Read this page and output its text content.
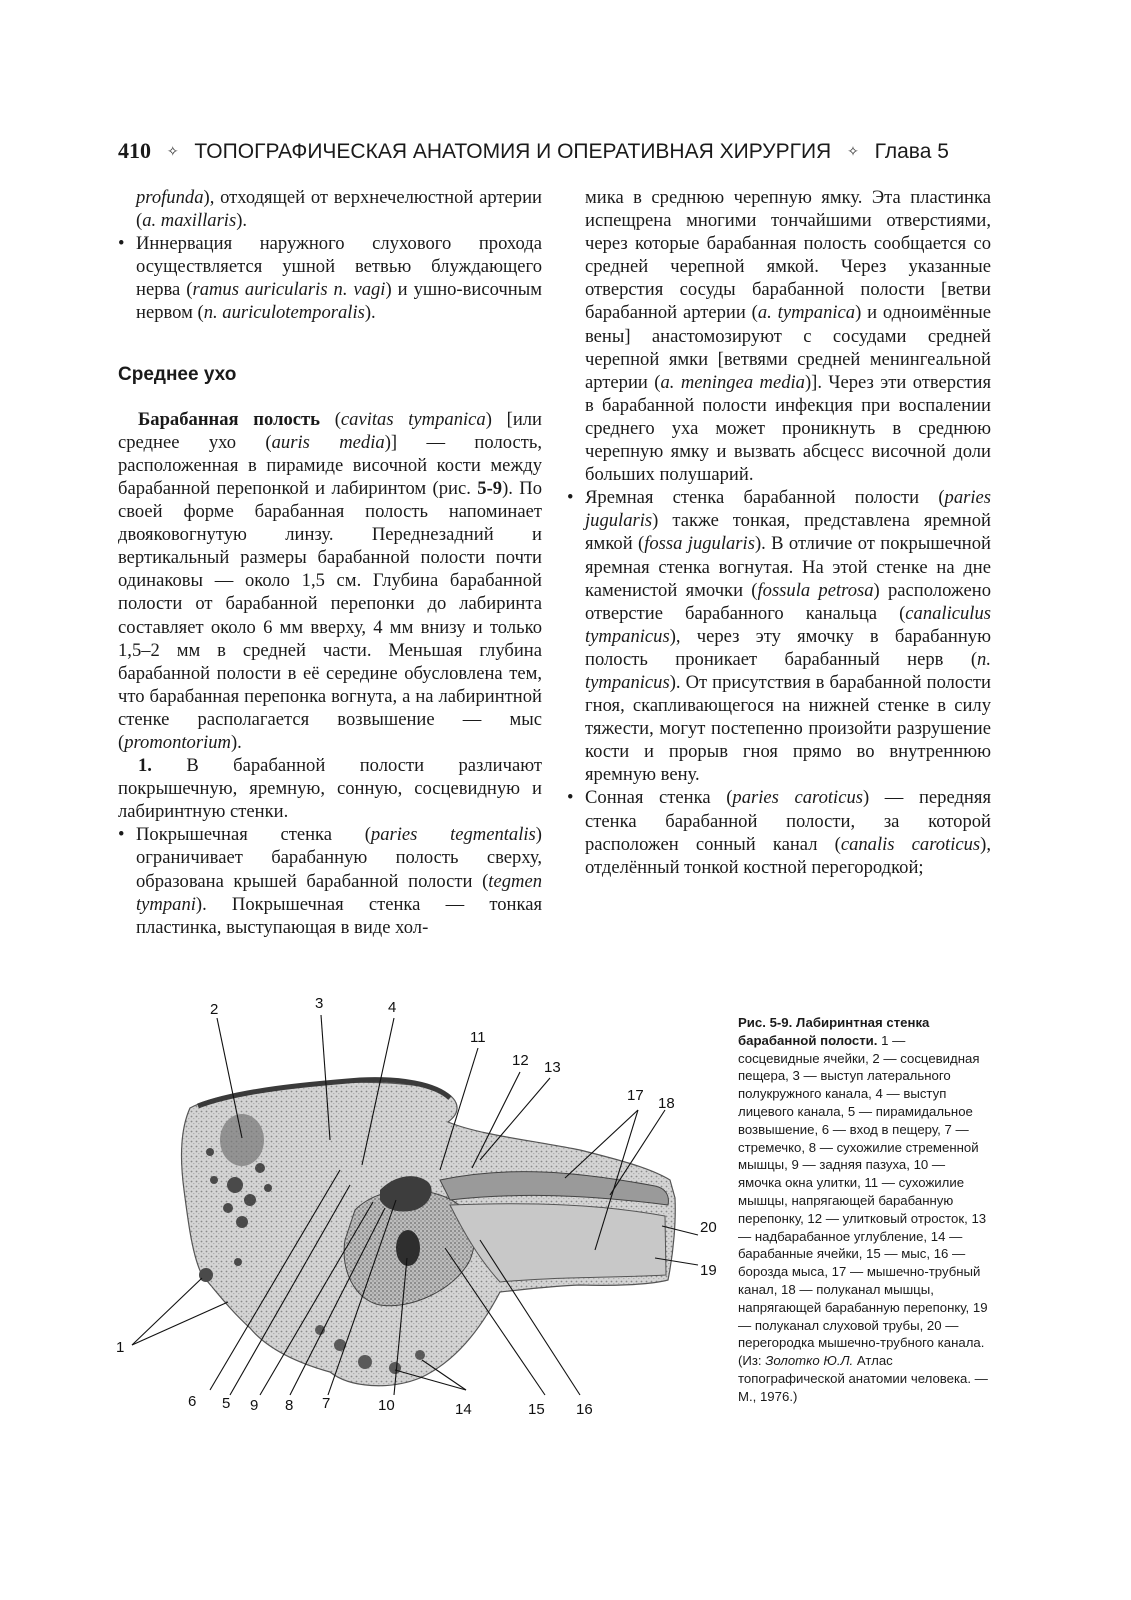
410 ✧ ТОПОГРАФИЧЕСКАЯ АНАТОМИЯ И ОПЕРАТИВНАЯ ХИРУРГИЯ ✧ Глава 5

profunda), отходящей от верхнечелюстной артерии (a. maxillaris).

• Иннервация наружного слухового прохода осуществляется ушной ветвью блуждающего нерва (ramus auricularis n. vagi) и ушно-височным нервом (n. auriculotemporalis).

Среднее ухо

Барабанная полость (cavitas tympanica) [или среднее ухо (auris media)] — полость, расположенная в пирамиде височной кости между барабанной перепонкой и лабиринтом (рис. 5-9). По своей форме барабанная полость напоминает двояковогнутую линзу. Переднезадний и вертикальный размеры барабанной полости почти одинаковы — около 1,5 см. Глубина барабанной полости от барабанной перепонки до лабиринта составляет около 6 мм вверху, 4 мм внизу и только 1,5–2 мм в средней части. Меньшая глубина барабанной полости в её середине обусловлена тем, что барабанная перепонка вогнута, а на лабиринтной стенке располагается возвышение — мыс (promontorium).

1. В барабанной полости различают покрышечную, яремную, сонную, сосцевидную и лабиринтную стенки.

• Покрышечная стенка (paries tegmentalis) ограничивает барабанную полость сверху, образована крышей барабанной полости (tegmen tympani). Покрышечная стенка — тонкая пластинка, выступающая в виде хол-

мика в среднюю черепную ямку. Эта пластинка испещрена многими тончайшими отверстиями, через которые барабанная полость сообщается со средней черепной ямкой. Через указанные отверстия сосуды барабанной полости [ветви барабанной артерии (a. tympanica) и одноимённые вены] анастомозируют с сосудами средней черепной ямки [ветвями средней менингеальной артерии (a. meningea media)]. Через эти отверстия в барабанной полости инфекция при воспалении среднего уха может проникнуть в среднюю черепную ямку и вызвать абсцесс височной доли больших полушарий.

• Яремная стенка барабанной полости (paries jugularis) также тонкая, представлена яремной ямкой (fossa jugularis). В отличие от покрышечной яремная стенка вогнутая. На этой стенке на дне каменистой ямочки (fossula petrosa) расположено отверстие барабанного канальца (canaliculus tympanicus), через эту ямочку в барабанную полость проникает барабанный нерв (n. tympanicus). От присутствия в барабанной полости гноя, скапливающегося на нижней стенке в силу тяжести, могут постепенно произойти разрушение кости и прорыв гноя прямо во внутреннюю яремную вену.

• Сонная стенка (paries caroticus) — передняя стенка барабанной полости, за которой расположен сонный канал (canalis caroticus), отделённый тонкой костной перегородкой;

1
2	3	4
5
6	7
8
9	10
11
12 13
14	15 16
17 18
19
20
Рис. 5-9. Лабиринтная стенка барабанной полости. 1 — сосцевидные ячейки, 2 — сосцевидная пещера, 3 — выступ латерального полукружного канала, 4 — выступ лицевого канала, 5 — пирамидальное возвышение, 6 — вход в пещеру, 7 — стремечко, 8 — сухожилие стременной мышцы, 9 — задняя пазуха, 10 — ямочка окна улитки, 11 — сухожилие мышцы, напрягающей барабанную перепонку, 12 — улитковый отросток, 13 — надбарабанное углубление, 14 — барабанные ячейки, 15 — мыс, 16 — борозда мыса, 17 — мышечно-трубный канал, 18 — полуканал мышцы, напрягающей барабанную перепонку, 19 — полуканал слуховой трубы, 20 — перегородка мышечно-трубного канала. (Из: Золотко Ю.Л. Атлас топографической анатомии человека. — М., 1976.)
